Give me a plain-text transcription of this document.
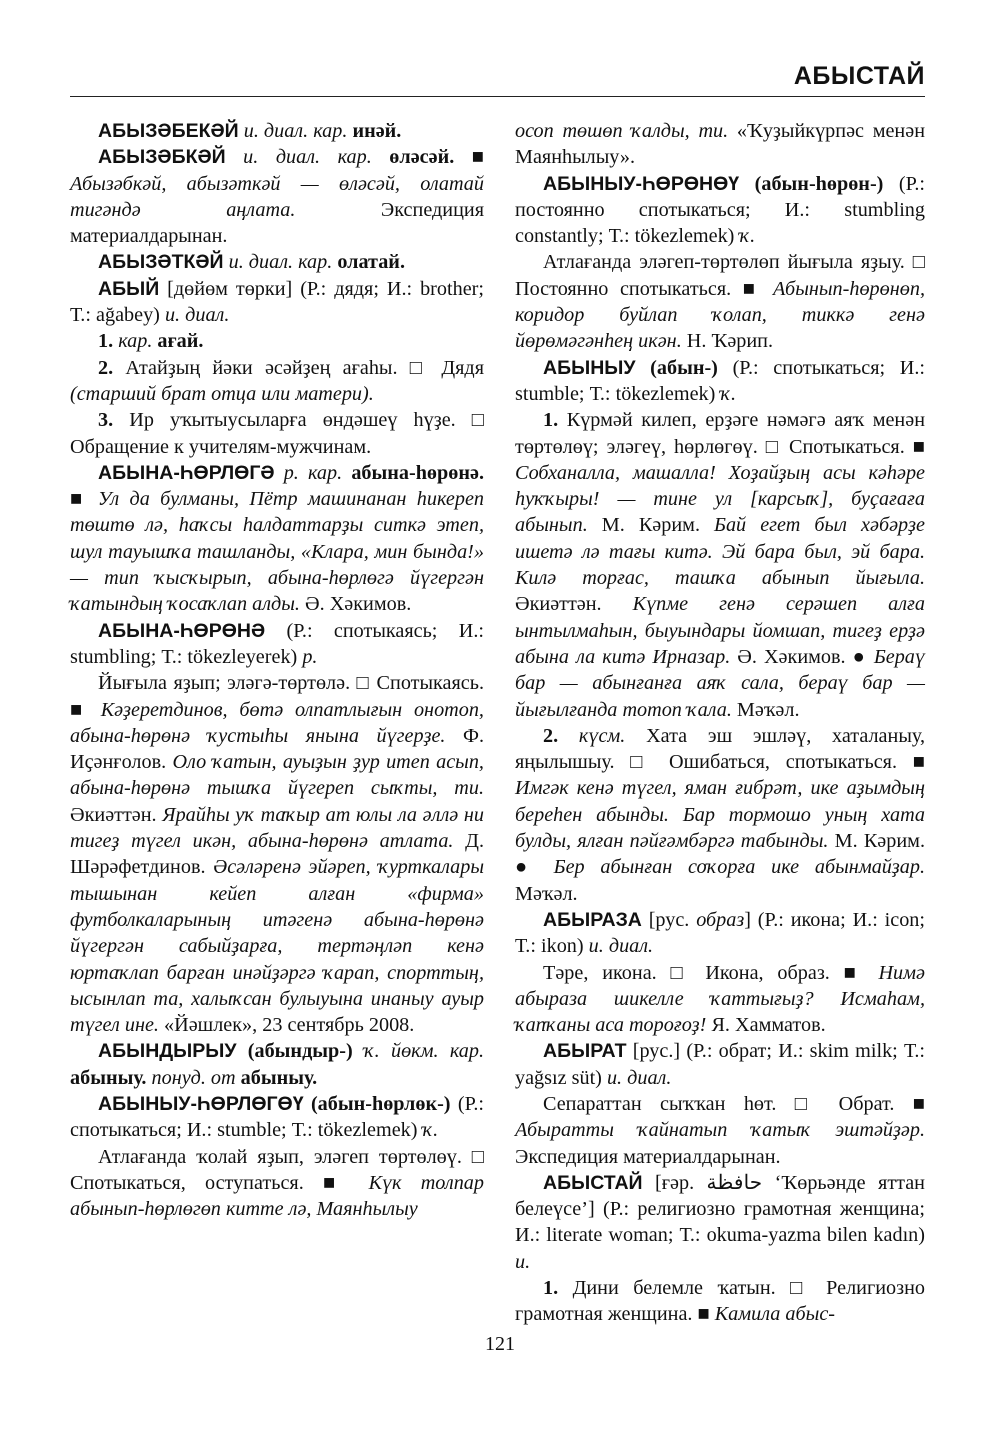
АБЫСТАЙ

АБЫЗӘБЕКӘЙ и. диал. кар. инәй.

АБЫЗӘБКӘЙ и. диал. кар. өләсәй. ■ Абызәбкәй, абызәткәй — өләсәй, олатай тигәндә аңлата. Экспедиция материалдарынан.

АБЫЗӘТКӘЙ и. диал. кар. олатай.

АБЫЙ [дөйөм төрки] (Р.: дядя; И.: brother; Т.: ağabey) и. диал.

1. кар. ағай.

2. Атайҙың йәки әсәйҙең ағаһы. □ Дядя (старший брат отца или матери).

3. Ир уҡытыусыларға өндәшеү һүҙе. □ Обращение к учителям-мужчинам.

АБЫНА-ҺӨРЛӨГӘ р. кар. абына-һөрөнә. ■ Ул да булманы, Пётр машинанан һикереп төштө лә, һаҡсы һалдаттарҙы ситкә этеп, шул тауышҡа ташланды, «Клара, мин бында!» — тип ҡысҡырып, абына-һөрлөгә йүгергән ҡатындың ҡосаҡлап алды. Ә. Хәкимов.

АБЫНА-ҺӨРӨНӘ (Р.: спотыкаясь; И.: stumbling; Т.: tökezleyerek) р.

Йығыла яҙып; эләгә-төртөлә. □ Спотыкаясь. ■ Кәҙеретдинов, бөтә олпатлығын онотоп, абына-һөрөнә ҡустыһы янына йүгерҙе. Ф. Иҫәнғолов. Оло ҡатын, ауыҙын ҙур итеп асып, абына-һөрөнә тышҡа йүгереп сыҡты, ти. Әкиәттән. Ярайһы уҡ таҡыр ат юлы ла әллә ни тигеҙ түгел икән, абына-һөрөнә атлата. Д. Шәрәфетдинов. Әсәләренә эйәреп, ҡурткалары тышынан кейеп алған «фирма» футболкаларының итәгенә абына-һөрөнә йүгергән сабыйҙарға, тертәңләп кенә юртаҡлап барған инәйҙәргә ҡарап, спорттың, ысынлап та, халыҡсан булыуына инаныу ауыр түгел ине. «Йәшлек», 23 сентябрь 2008.

АБЫНДЫРЫУ (абындыр-) ҡ. йөкм. кар. абыныу. понуд. от абыныу.

АБЫНЫУ-ҺӨРЛӨГӨҮ (абын-һөрлөк-) (Р.: спотыкаться; И.: stumble; Т.: tökezlemek) ҡ.

Атлағанда ҡолай яҙып, эләгеп төртөлөү. □ Спотыкаться, оступаться. ■ Күк толпар абынып-һөрлөгөп китте лә, Маянһылыу

осоп төшөп ҡалды, ти. «Ҡуҙыйкүрпәс менән Маянһылыу».

АБЫНЫУ-ҺӨРӨНӨҮ (абын-һөрөн-) (Р.: постоянно спотыкаться; И.: stumbling constantly; Т.: tökezlemek) ҡ.

Атлағанда эләгеп-төртөлөп йығыла яҙыу. □ Постоянно спотыкаться. ■ Абынып-һөрөнөп, коридор буйлап ҡолап, тиккә генә йөрөмәгәнһең икән. Н. Ҡәрип.

АБЫНЫУ (абын-) (Р.: спотыкаться; И.: stumble; Т.: tökezlemek) ҡ.

1. Күрмәй килеп, ерҙәге нәмәгә аяҡ менән төртөлөү; эләгеү, һөрлөгөү. □ Спотыкаться. ■ Собханалла, машалла! Хоҙайҙың асы кәһәре һуҡҡыры! — тине ул [карсыҡ], буҫағаға абынып. М. Кәрим. Бай егет был хәбәрҙе ишетә лә тағы китә. Эй бара был, эй бара. Килә торғас, ташҡа абынып йығыла. Әкиәттән. Күпме генә серәшеп алға ынтылмаһын, быуындары йомшап, тигеҙ ерҙә абына ла китә Ирназар. Ә. Хәкимов. ● Бераү бар — абынғанға аяҡ сала, бераү бар — йығылғанда тотоп ҡала. Мәҡәл.

2. күсм. Хата эш эшләү, хаталаныу, яңылышыу. □ Ошибаться, спотыкаться. ■ Имгәк кенә түгел, яман ғибрәт, ике аҙымдың береһен абынды. Бар тормошо уның хата булды, ялған пәйғәмбәргә табынды. М. Кәрим. ● Бер абынған соҡорға ике абынмайҙар. Мәҡәл.

АБЫРАЗА [рус. образ] (Р.: икона; И.: icon; Т.: ikon) и. диал.

Тәре, икона. □ Икона, образ. ■ Нимә абыраза шикелле ҡаттығыҙ? Исмаһам, ҡапҡаны аса тороғоҙ! Я. Хамматов.

АБЫРАТ [рус.] (Р.: обрат; И.: skim milk; Т.: yağsız süt) и. диал.

Сепараттан сыҡҡан һөт. □ Обрат. ■ Абыратты ҡайнатып ҡатыҡ эштәйҙәр. Экспедиция материалдарынан.

АБЫСТАЙ [ғәр. حافظة ‘Ҡөрьәнде яттан белеүсе’] (Р.: религиозно грамотная женщина; И.: literate woman; Т.: okuma-yazma bilen kadın) и.

1. Дини белемле ҡатын. □ Религиозно грамотная женщина. ■ Камила абыс-

121
